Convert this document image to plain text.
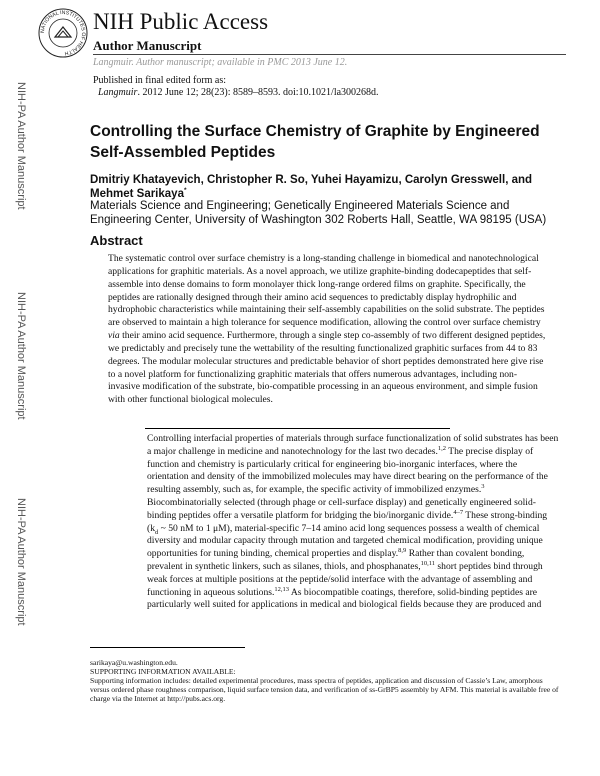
NATIONAL INSTITUTES OF HEALTH
NIH Public Access
Author Manuscript
Langmuir. Author manuscript; available in PMC 2013 June 12.
Published in final edited form as:
Langmuir. 2012 June 12; 28(23): 8589–8593. doi:10.1021/la300268d.
NIH-PA Author Manuscript
NIH-PA Author Manuscript
NIH-PA Author Manuscript
Controlling the Surface Chemistry of Graphite by Engineered Self-Assembled Peptides
Dmitriy Khatayevich, Christopher R. So, Yuhei Hayamizu, Carolyn Gresswell, and Mehmet Sarikaya*
Materials Science and Engineering; Genetically Engineered Materials Science and Engineering Center, University of Washington 302 Roberts Hall, Seattle, WA 98195 (USA)
Abstract
The systematic control over surface chemistry is a long-standing challenge in biomedical and nanotechnological applications for graphitic materials. As a novel approach, we utilize graphite-binding dodecapeptides that self-assemble into dense domains to form monolayer thick long-range ordered films on graphite. Specifically, the peptides are rationally designed through their amino acid sequences to predictably display hydrophilic and hydrophobic characteristics while maintaining their self-assembly capabilities on the solid substrate. The peptides are observed to maintain a high tolerance for sequence modification, allowing the control over surface chemistry via their amino acid sequence. Furthermore, through a single step co-assembly of two different designed peptides, we predictably and precisely tune the wettability of the resulting functionalized graphitic surfaces from 44 to 83 degrees. The modular molecular structures and predictable behavior of short peptides demonstrated here give rise to a novel platform for functionalizing graphitic materials that offers numerous advantages, including non-invasive modification of the substrate, bio-compatible processing in an aqueous environment, and simple fusion with other functional biological molecules.
Controlling interfacial properties of materials through surface functionalization of solid substrates has been a major challenge in medicine and nanotechnology for the last two decades.$^{1,2}$ The precise display of function and chemistry is particularly critical for engineering bio-inorganic interfaces, where the orientation and density of the immobilized molecules may have direct bearing on the performance of the resulting assembly, such as, for example, the specific activity of immobilized enzymes.$^3$ Biocombinatorially selected (through phage or cell-surface display) and genetically engineered solid-binding peptides offer a versatile platform for bridging the bio/inorganic divide.$^{4-7}$ These strong-binding ($k_d$ ~ 50 nM to 1 μM), material-specific 7–14 amino acid long sequences possess a wealth of chemical diversity and modular capacity through mutation and targeted chemical modification, providing unique opportunities for tuning binding, chemical properties and display.$^{8,9}$ Rather than covalent bonding, prevalent in synthetic linkers, such as silanes, thiols, and phosphanates,$^{10,11}$ short peptides bind through weak forces at multiple positions at the peptide/solid interface with the advantage of assembling and functioning in aqueous solutions.$^{12,13}$ As biocompatible coatings, therefore, solid-binding peptides are particularly well suited for applications in medical and biological fields because they are produced and
sarikaya@u.washington.edu.
SUPPORTING INFORMATION AVAILABLE:
Supporting information includes: detailed experimental procedures, mass spectra of peptides, application and discussion of Cassie’s Law, amorphous versus ordered phase roughness comparison, liquid surface tension data, and verification of ss-GrBP5 assembly by AFM. This material is available free of charge via the Internet at http://pubs.acs.org.
